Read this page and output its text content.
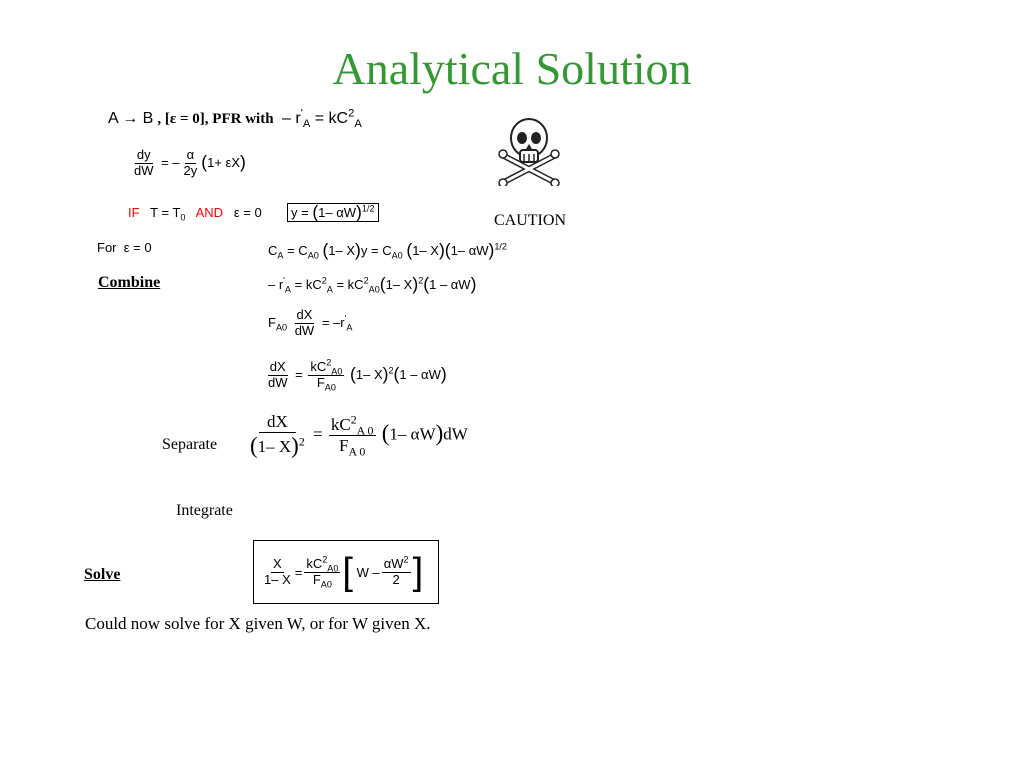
Analytical Solution
A → B , [ε = 0], PFR with  – $r'_A = kC^2_A$
CAUTION
$\frac{dy}{dW}$ = – $\frac{\alpha}{2y} (1+ \varepsilon X)$
IF   $T = T_0$ AND   ε = 0       y = (1– αW)$^{1/2}$
For  ε = 0	$C_A = C_{A0}$ (1– $X)y = C_{A0}$ (1– X)(1– αW)$^{1/2}$
Combine	– $r'_A = kC^2_A = kC^2_{A0}(1-$ X)$^2$(1 – αW)
$F_{A0} \frac{dX}{dW} = -r'_A$
$\frac{dX}{dW} = \frac{kC^2_{A0}}{F_{A0}} (1-$ X)$^2$(1 – αW)
Separate $\frac{dX}{(1- X)^2} = \frac{kC^2_{A 0}}{F_{A 0}} (1-$ αW)dW
Integrate
Solve	$\frac{X}{1- X} = \frac{kC^2_{A0}}{F_{A0}}$ [ W – $\frac{\alpha W^2}{2}$ ]
Could now solve for X given W, or for W given X.
